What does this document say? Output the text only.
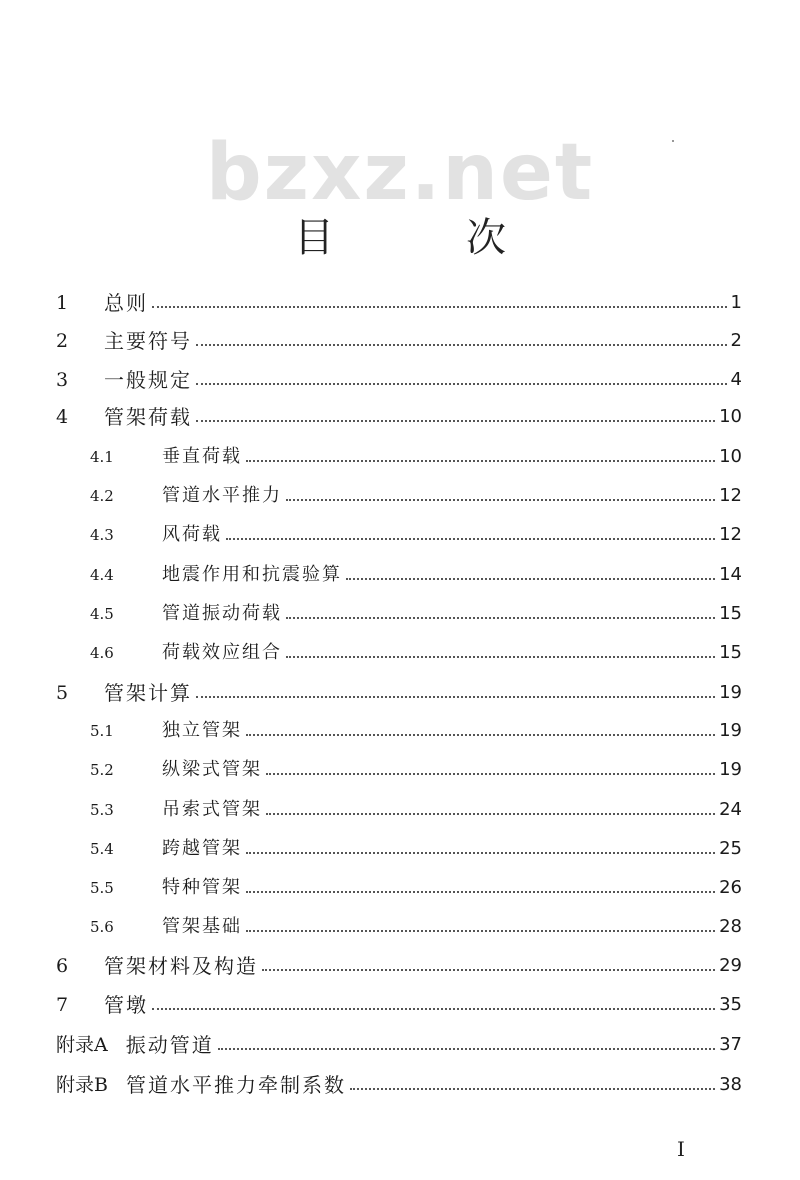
bzxz.net
目　次
1	总则	1
2	主要符号	2
3	一般规定	4
4	管架荷载	10
4.1	垂直荷载	10
4.2	管道水平推力	12
4.3	风荷载	12
4.4	地震作用和抗震验算	14
4.5	管道振动荷载	15
4.6	荷载效应组合	15
5	管架计算	19
5.1	独立管架	19
5.2	纵梁式管架	19
5.3	吊索式管架	24
5.4	跨越管架	25
5.5	特种管架	26
5.6	管架基础	28
6	管架材料及构造	29
7	管墩	35
附录A 振动管道	37
附录B 管道水平推力牵制系数	38
I
